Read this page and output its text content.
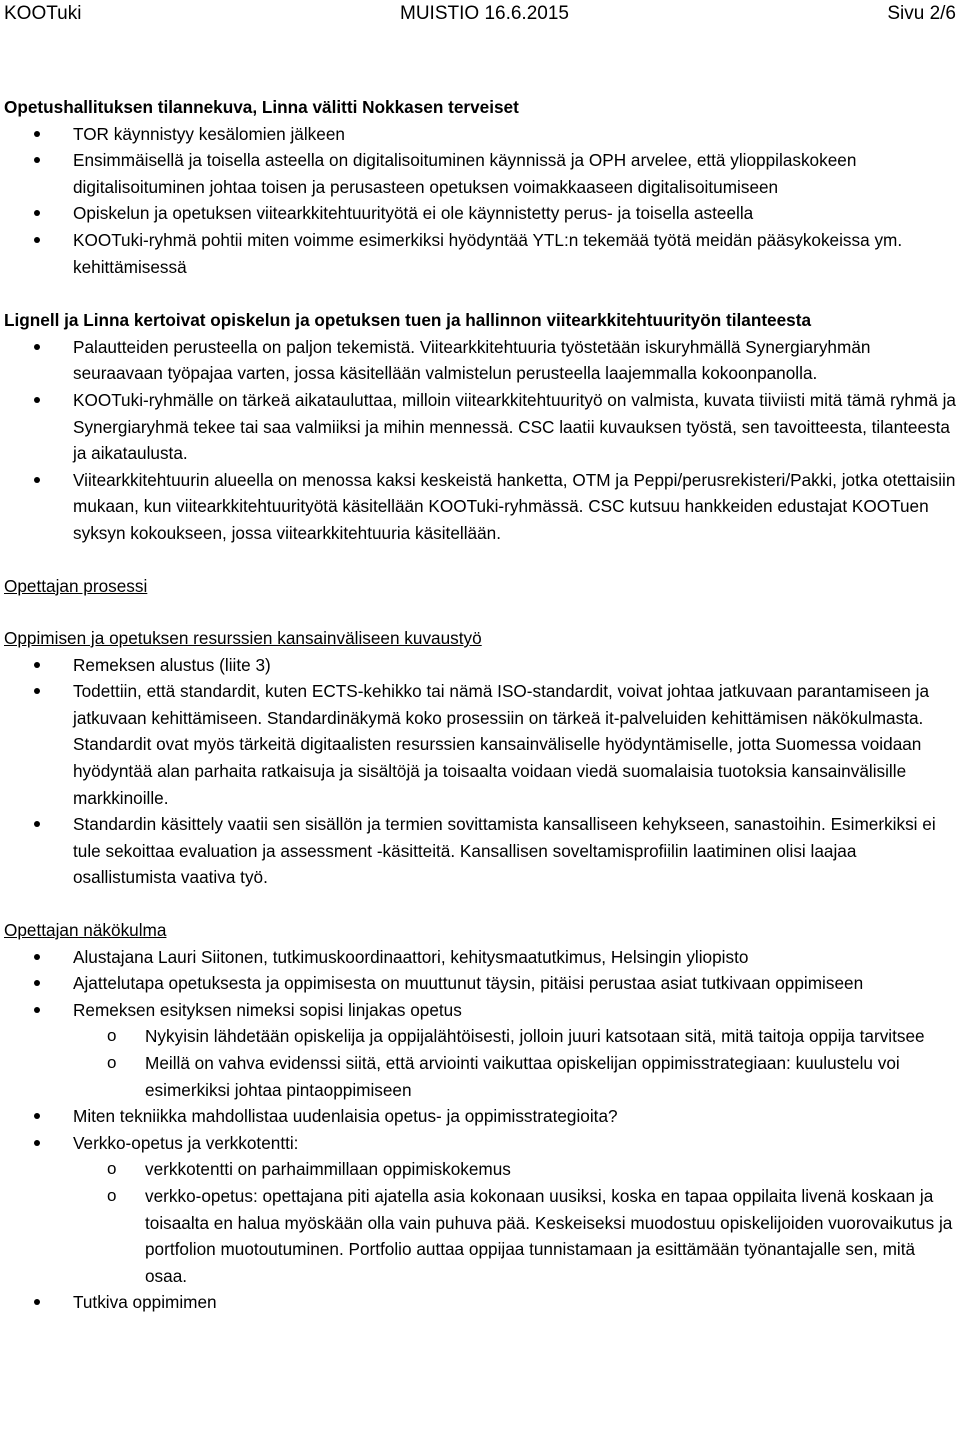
KOOTuki	MUISTIO 16.6.2015	Sivu 2/6

Opetushallituksen tilannekuva, Linna välitti Nokkasen terveiset

TOR käynnistyy kesälomien jälkeen
Ensimmäisellä ja toisella asteella on digitalisoituminen käynnissä ja OPH arvelee, että ylioppilaskokeen digitalisoituminen johtaa toisen ja perusasteen opetuksen voimakkaaseen digitalisoitumiseen
Opiskelun ja opetuksen viitearkkitehtuurityötä ei ole käynnistetty perus- ja toisella asteella
KOOTuki-ryhmä pohtii miten voimme esimerkiksi hyödyntää YTL:n tekemää työtä meidän pääsykokeissa ym. kehittämisessä

Lignell ja Linna kertoivat opiskelun ja opetuksen tuen ja hallinnon viitearkkitehtuurityön tilanteesta

Palautteiden perusteella on paljon tekemistä. Viitearkkitehtuuria työstetään iskuryhmällä Synergiaryhmän seuraavaan työpajaa varten, jossa käsitellään valmistelun perusteella laajemmalla kokoonpanolla.
KOOTuki-ryhmälle on tärkeä aikatauluttaa, milloin viitearkkitehtuurityö on valmista, kuvata tiiviisti mitä tämä ryhmä ja Synergiaryhmä tekee tai saa valmiiksi ja mihin mennessä. CSC laatii kuvauksen työstä, sen tavoitteesta, tilanteesta ja aikataulusta.
Viitearkkitehtuurin alueella on menossa kaksi keskeistä hanketta, OTM ja Peppi/perusrekisteri/Pakki, jotka otettaisiin mukaan, kun viitearkkitehtuurityötä käsitellään KOOTuki-ryhmässä. CSC kutsuu hankkeiden edustajat KOOTuen syksyn kokoukseen, jossa viitearkkitehtuuria käsitellään.

Opettajan prosessi

Oppimisen ja opetuksen resurssien kansainväliseen kuvaustyö

Remeksen alustus (liite 3)
Todettiin, että standardit, kuten ECTS-kehikko tai nämä ISO-standardit, voivat johtaa jatkuvaan parantamiseen ja jatkuvaan kehittämiseen. Standardinäkymä koko prosessiin on tärkeä it-palveluiden kehittämisen näkökulmasta. Standardit ovat myös tärkeitä digitaalisten resurssien kansainväliselle hyödyntämiselle, jotta Suomessa voidaan hyödyntää alan parhaita ratkaisuja ja sisältöjä ja toisaalta voidaan viedä suomalaisia tuotoksia kansainvälisille markkinoille.
Standardin käsittely vaatii sen sisällön ja termien sovittamista kansalliseen kehykseen, sanastoihin. Esimerkiksi ei tule sekoittaa evaluation ja assessment -käsitteitä. Kansallisen soveltamisprofiilin laatiminen olisi laajaa osallistumista vaativa työ.

Opettajan näkökulma

Alustajana Lauri Siitonen, tutkimuskoordinaattori, kehitysmaatutkimus, Helsingin yliopisto
Ajattelutapa opetuksesta ja oppimisesta on muuttunut täysin, pitäisi perustaa asiat tutkivaan oppimiseen
Remeksen esityksen nimeksi sopisi linjakas opetus
o Nykyisin lähdetään opiskelija ja oppijalähtöisesti, jolloin juuri katsotaan sitä, mitä taitoja oppija tarvitsee
o Meillä on vahva evidenssi siitä, että arviointi vaikuttaa opiskelijan oppimisstrategiaan: kuulustelu voi esimerkiksi johtaa pintaoppimiseen
Miten tekniikka mahdollistaa uudenlaisia opetus- ja oppimisstrategioita?
Verkko-opetus ja verkkotentti:
o verkkotentti on parhaimmillaan oppimiskokemus
o verkko-opetus: opettajana piti ajatella asia kokonaan uusiksi, koska en tapaa oppilaita livenä koskaan ja toisaalta en halua myöskään olla vain puhuva pää. Keskeiseksi muodostuu opiskelijoiden vuorovaikutus ja portfolion muotoutuminen. Portfolio auttaa oppijaa tunnistamaan ja esittämään työnantajalle sen, mitä osaa.
Tutkiva oppimimen
